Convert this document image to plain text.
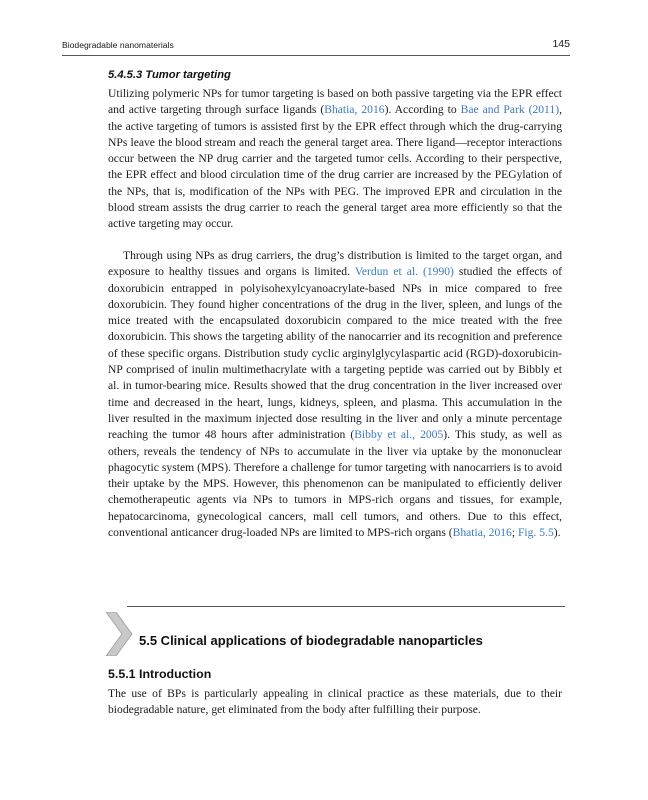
Biodegradable nanomaterials	145
5.4.5.3 Tumor targeting

Utilizing polymeric NPs for tumor targeting is based on both passive targeting via the EPR effect and active targeting through surface ligands (Bhatia, 2016). According to Bae and Park (2011), the active targeting of tumors is assisted first by the EPR effect through which the drug-carrying NPs leave the blood stream and reach the general target area. There ligand—receptor interactions occur between the NP drug carrier and the targeted tumor cells. According to their perspective, the EPR effect and blood circulation time of the drug carrier are increased by the PEGylation of the NPs, that is, modification of the NPs with PEG. The improved EPR and circulation in the blood stream assists the drug carrier to reach the general target area more efficiently so that the active targeting may occur.

Through using NPs as drug carriers, the drug’s distribution is limited to the target organ, and exposure to healthy tissues and organs is limited. Verdun et al. (1990) studied the effects of doxorubicin entrapped in polyisohexylcyanoacrylate-based NPs in mice compared to free doxorubicin. They found higher concentrations of the drug in the liver, spleen, and lungs of the mice treated with the encapsulated doxorubicin compared to the mice treated with the free doxorubicin. This shows the targeting ability of the nanocarrier and its recognition and preference of these specific organs. Distribution study cyclic arginylglycylaspartic acid (RGD)-doxorubicin-NP comprised of inulin multimethacrylate with a targeting peptide was carried out by Bibbly et al. in tumor-bearing mice. Results showed that the drug concentration in the liver increased over time and decreased in the heart, lungs, kidneys, spleen, and plasma. This accumulation in the liver resulted in the maximum injected dose resulting in the liver and only a minute percentage reaching the tumor 48 hours after administration (Bibby et al., 2005). This study, as well as others, reveals the tendency of NPs to accumulate in the liver via uptake by the mononuclear phagocytic system (MPS). Therefore a challenge for tumor targeting with nanocarriers is to avoid their uptake by the MPS. However, this phenomenon can be manipulated to efficiently deliver chemotherapeutic agents via NPs to tumors in MPS-rich organs and tissues, for example, hepatocarcinoma, gynecological cancers, mall cell tumors, and others. Due to this effect, conventional anticancer drug-loaded NPs are limited to MPS-rich organs (Bhatia, 2016; Fig. 5.5).

5.5 Clinical applications of biodegradable nanoparticles
5.5.1 Introduction

The use of BPs is particularly appealing in clinical practice as these materials, due to their biodegradable nature, get eliminated from the body after fulfilling their purpose.
